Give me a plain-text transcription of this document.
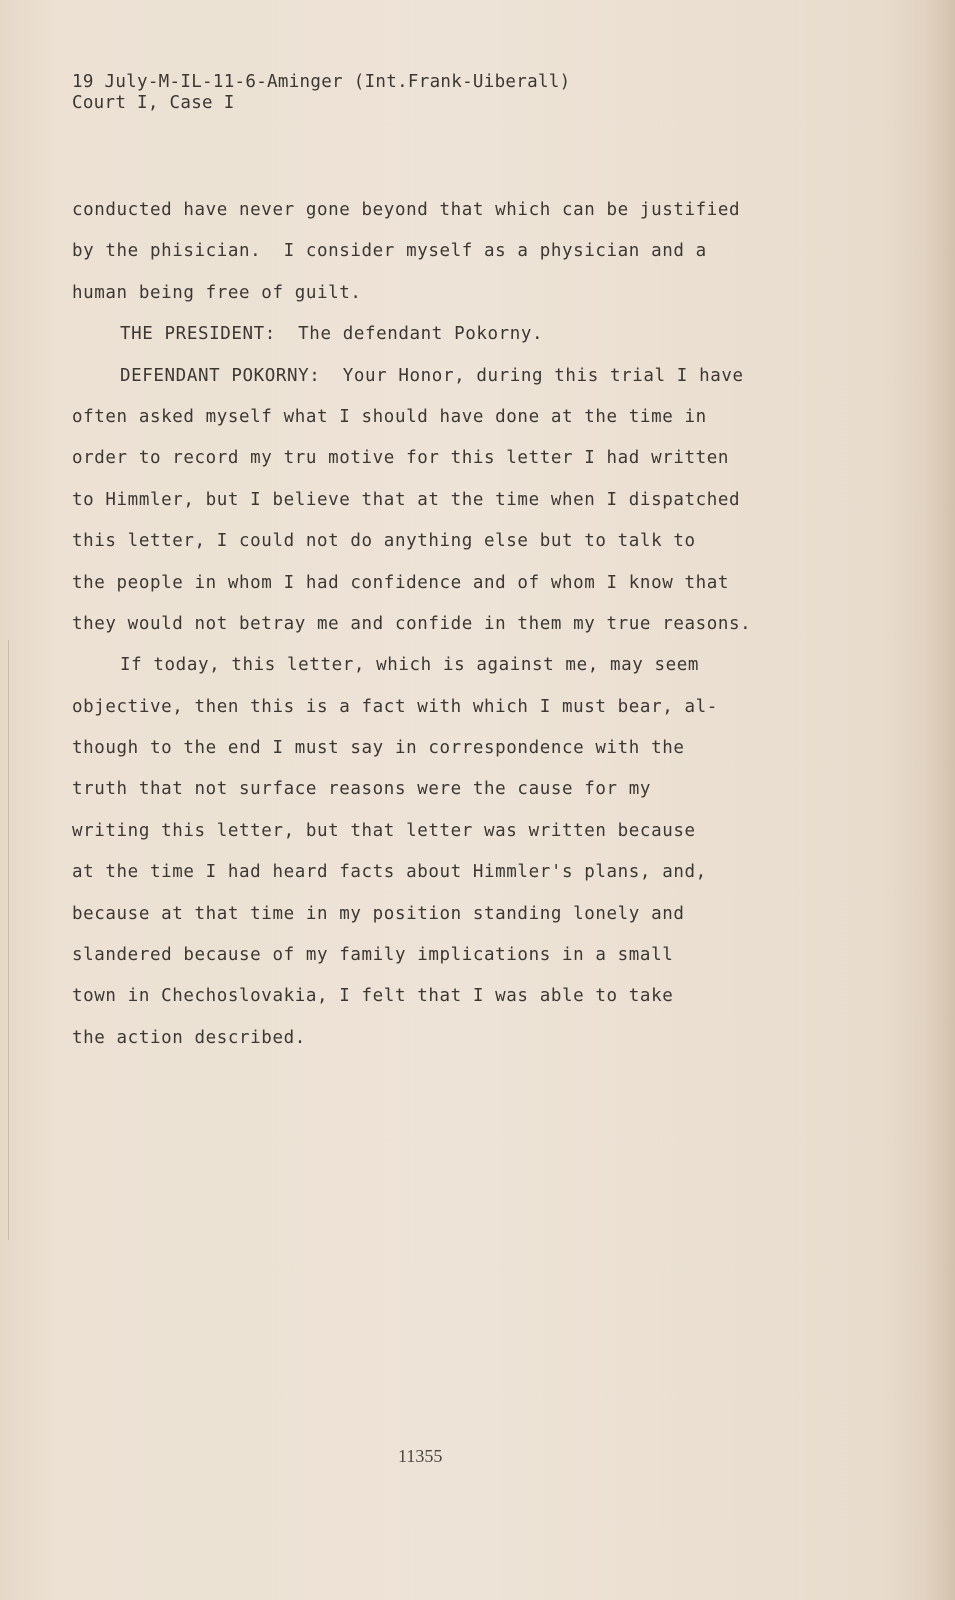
19 July-M-IL-11-6-Aminger (Int.Frank-Uiberall)
Court I, Case I
conducted have never gone beyond that which can be justified
by the phisician.  I consider myself as a physician and a
human being free of guilt.
THE PRESIDENT:  The defendant Pokorny.
DEFENDANT POKORNY:  Your Honor, during this trial I have
often asked myself what I should have done at the time in
order to record my tru motive for this letter I had written
to Himmler, but I believe that at the time when I dispatched
this letter, I could not do anything else but to talk to
the people in whom I had confidence and of whom I know that
they would not betray me and confide in them my true reasons.
If today, this letter, which is against me, may seem
objective, then this is a fact with which I must bear, al-
though to the end I must say in correspondence with the
truth that not surface reasons were the cause for my
writing this letter, but that letter was written because
at the time I had heard facts about Himmler's plans, and,
because at that time in my position standing lonely and
slandered because of my family implications in a small
town in Chechoslovakia, I felt that I was able to take
the action described.
11355
